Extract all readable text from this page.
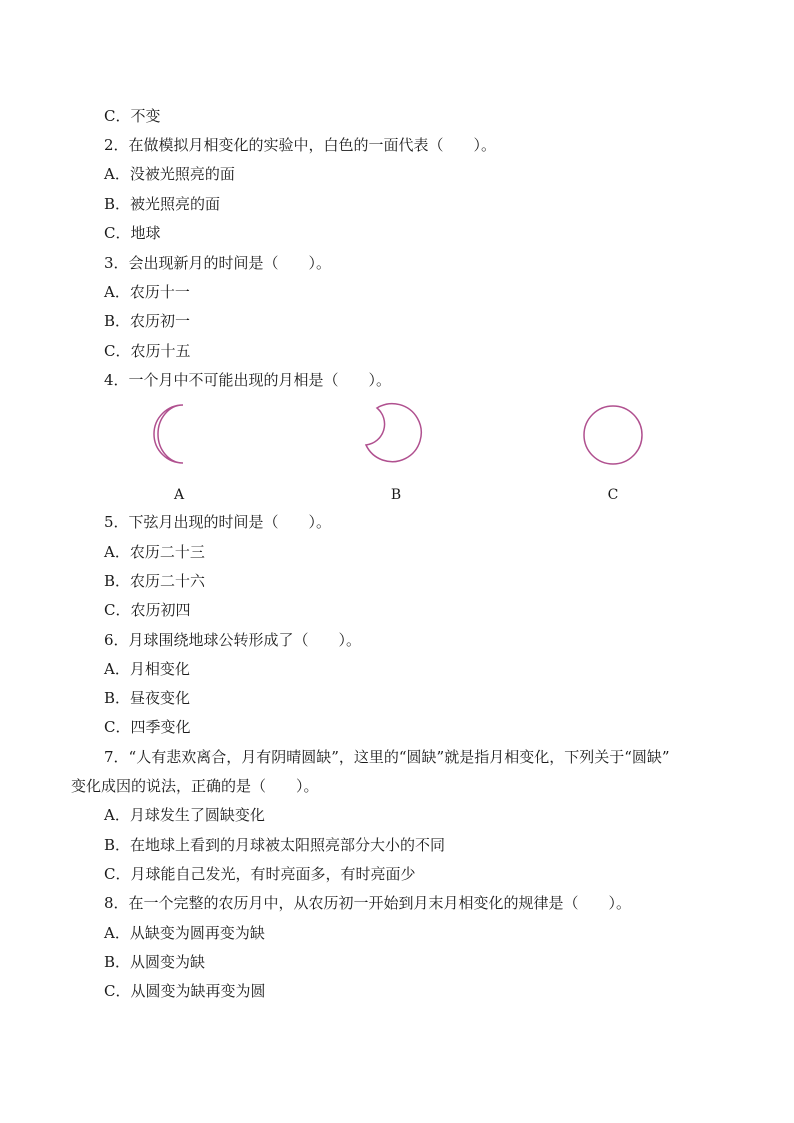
C．不变
2．在做模拟月相变化的实验中，白色的一面代表（　　）。
A．没被光照亮的面
B．被光照亮的面
C．地球
3．会出现新月的时间是（　　）。
A．农历十一
B．农历初一
C．农历十五
4．一个月中不可能出现的月相是（　　）。
A	B	C
5．下弦月出现的时间是（　　）。
A．农历二十三
B．农历二十六
C．农历初四
6．月球围绕地球公转形成了（　　）。
A．月相变化
B．昼夜变化
C．四季变化
7．“人有悲欢离合，月有阴晴圆缺”，这里的“圆缺”就是指月相变化，下列关于“圆缺”
变化成因的说法，正确的是（　　）。
A．月球发生了圆缺变化
B．在地球上看到的月球被太阳照亮部分大小的不同
C．月球能自己发光，有时亮面多，有时亮面少
8．在一个完整的农历月中，从农历初一开始到月末月相变化的规律是（　　）。
A．从缺变为圆再变为缺
B．从圆变为缺
C．从圆变为缺再变为圆
